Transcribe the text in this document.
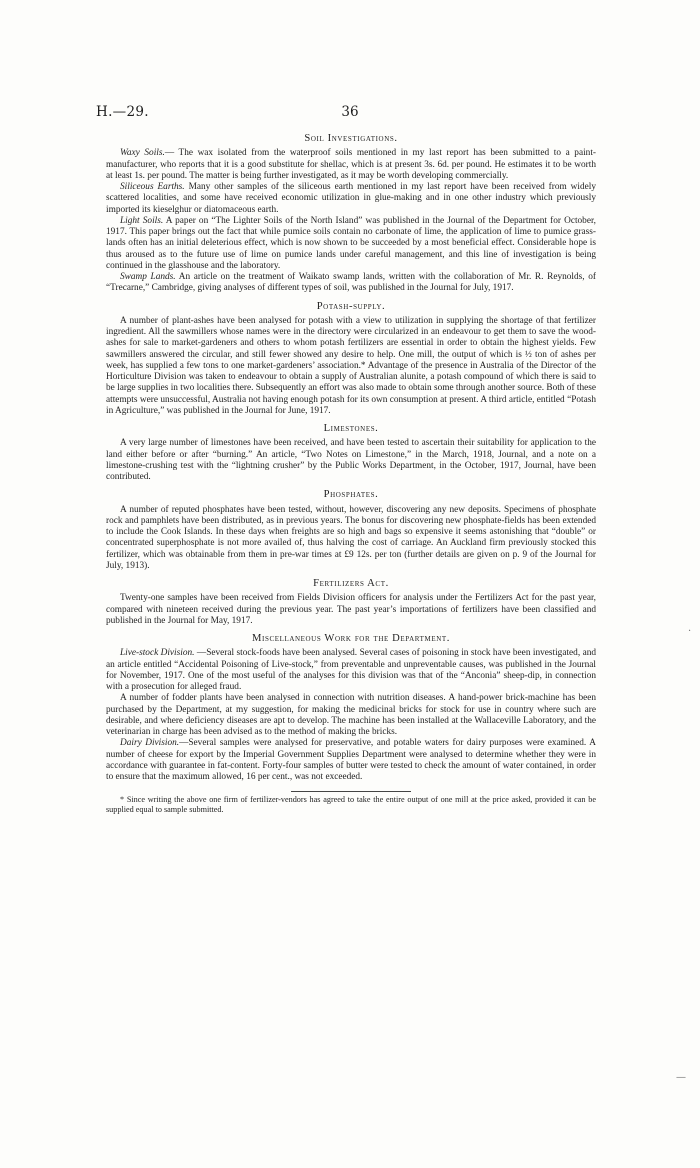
H.—29.	36
Soil Investigations.

Waxy Soils.— The wax isolated from the waterproof soils mentioned in my last report has been submitted to a paint-manufacturer, who reports that it is a good substitute for shellac, which is at present 3s. 6d. per pound. He estimates it to be worth at least 1s. per pound. The matter is being further investigated, as it may be worth developing commercially.

Siliceous Earths. Many other samples of the siliceous earth mentioned in my last report have been received from widely scattered localities, and some have received economic utilization in glue-making and in one other industry which previously imported its kieselghur or diatomaceous earth.

Light Soils. A paper on “The Lighter Soils of the North Island” was published in the Journal of the Department for October, 1917. This paper brings out the fact that while pumice soils contain no carbonate of lime, the application of lime to pumice grass-lands often has an initial deleterious effect, which is now shown to be succeeded by a most beneficial effect. Considerable hope is thus aroused as to the future use of lime on pumice lands under careful management, and this line of investigation is being continued in the glasshouse and the laboratory.

Swamp Lands. An article on the treatment of Waikato swamp lands, written with the collaboration of Mr. R. Reynolds, of “Trecarne,” Cambridge, giving analyses of different types of soil, was published in the Journal for July, 1917.

Potash-supply.

A number of plant-ashes have been analysed for potash with a view to utilization in supplying the shortage of that fertilizer ingredient. All the sawmillers whose names were in the directory were circularized in an endeavour to get them to save the wood-ashes for sale to market-gardeners and others to whom potash fertilizers are essential in order to obtain the highest yields. Few sawmillers answered the circular, and still fewer showed any desire to help. One mill, the output of which is ½ ton of ashes per week, has supplied a few tons to one market-gardeners’ association.* Advantage of the presence in Australia of the Director of the Horticulture Division was taken to endeavour to obtain a supply of Australian alunite, a potash compound of which there is said to be large supplies in two localities there. Subsequently an effort was also made to obtain some through another source. Both of these attempts were unsuccessful, Australia not having enough potash for its own consumption at present. A third article, entitled “Potash in Agriculture,” was published in the Journal for June, 1917.

Limestones.

A very large number of limestones have been received, and have been tested to ascertain their suitability for application to the land either before or after “burning.” An article, “Two Notes on Limestone,” in the March, 1918, Journal, and a note on a limestone-crushing test with the “lightning crusher” by the Public Works Department, in the October, 1917, Journal, have been contributed.

Phosphates.

A number of reputed phosphates have been tested, without, however, discovering any new deposits. Specimens of phosphate rock and pamphlets have been distributed, as in previous years. The bonus for discovering new phosphate-fields has been extended to include the Cook Islands. In these days when freights are so high and bags so expensive it seems astonishing that “double” or concentrated superphosphate is not more availed of, thus halving the cost of carriage. An Auckland firm previously stocked this fertilizer, which was obtainable from them in pre-war times at £9 12s. per ton (further details are given on p. 9 of the Journal for July, 1913).

Fertilizers Act.

Twenty-one samples have been received from Fields Division officers for analysis under the Fertilizers Act for the past year, compared with nineteen received during the previous year. The past year’s importations of fertilizers have been classified and published in the Journal for May, 1917.

Miscellaneous Work for the Department.

Live-stock Division. —Several stock-foods have been analysed. Several cases of poisoning in stock have been investigated, and an article entitled “Accidental Poisoning of Live-stock,” from preventable and unpreventable causes, was published in the Journal for November, 1917. One of the most useful of the analyses for this division was that of the “Anconia” sheep-dip, in connection with a prosecution for alleged fraud.

A number of fodder plants have been analysed in connection with nutrition diseases. A hand-power brick-machine has been purchased by the Department, at my suggestion, for making the medicinal bricks for stock for use in country where such are desirable, and where deficiency diseases are apt to develop. The machine has been installed at the Wallaceville Laboratory, and the veterinarian in charge has been advised as to the method of making the bricks.

Dairy Division.—Several samples were analysed for preservative, and potable waters for dairy purposes were examined. A number of cheese for export by the Imperial Government Supplies Department were analysed to determine whether they were in accordance with guarantee in fat-content. Forty-four samples of butter were tested to check the amount of water contained, in order to ensure that the maximum allowed, 16 per cent., was not exceeded.

* Since writing the above one firm of fertilizer-vendors has agreed to take the entire output of one mill at the price asked, provided it can be supplied equal to sample submitted.

·
—
